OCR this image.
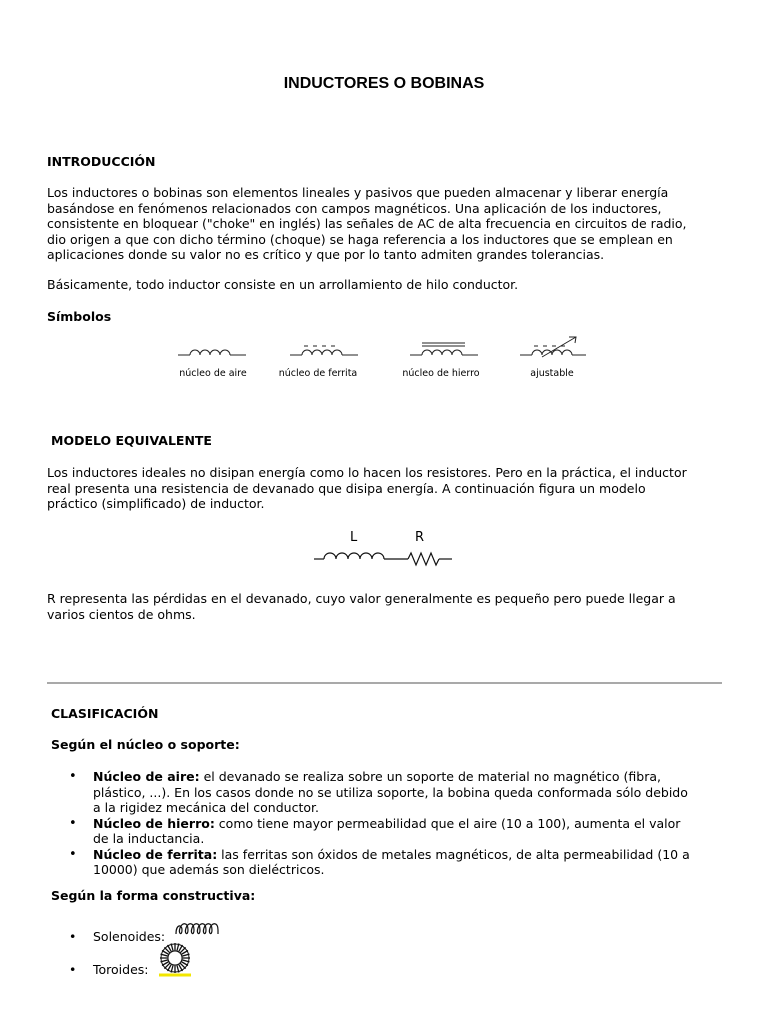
INDUCTORES O BOBINAS
INTRODUCCIÓN
Los inductores o bobinas son elementos lineales y pasivos que pueden almacenar y liberar energía
basándose en fenómenos relacionados con campos magnéticos. Una aplicación de los inductores,
consistente en bloquear ("choke" en inglés) las señales de AC de alta frecuencia en circuitos de radio,
dio origen a que con dicho término (choque) se haga referencia a los inductores que se emplean en
aplicaciones donde su valor no es crítico y que por lo tanto admiten grandes tolerancias.
Básicamente, todo inductor consiste en un arrollamiento de hilo conductor.
Símbolos
núcleo de aire	núcleo de ferrita	núcleo de hierro	ajustable
MODELO EQUIVALENTE
Los inductores ideales no disipan energía como lo hacen los resistores. Pero en la práctica, el inductor
real presenta una resistencia de devanado que disipa energía. A continuación figura un modelo
práctico (simplificado) de inductor.
L	R
R representa las pérdidas en el devanado, cuyo valor generalmente es pequeño pero puede llegar a
varios cientos de ohms.
CLASIFICACIÓN
Según el núcleo o soporte:
• Núcleo de aire: el devanado se realiza sobre un soporte de material no magnético (fibra,
plástico, ...). En los casos donde no se utiliza soporte, la bobina queda conformada sólo debido
a la rigidez mecánica del conductor.
• Núcleo de hierro: como tiene mayor permeabilidad que el aire (10 a 100), aumenta el valor
de la inductancia.
• Núcleo de ferrita: las ferritas son óxidos de metales magnéticos, de alta permeabilidad (10 a
10000) que además son dieléctricos.
Según la forma constructiva:
• Solenoides:
• Toroides:
